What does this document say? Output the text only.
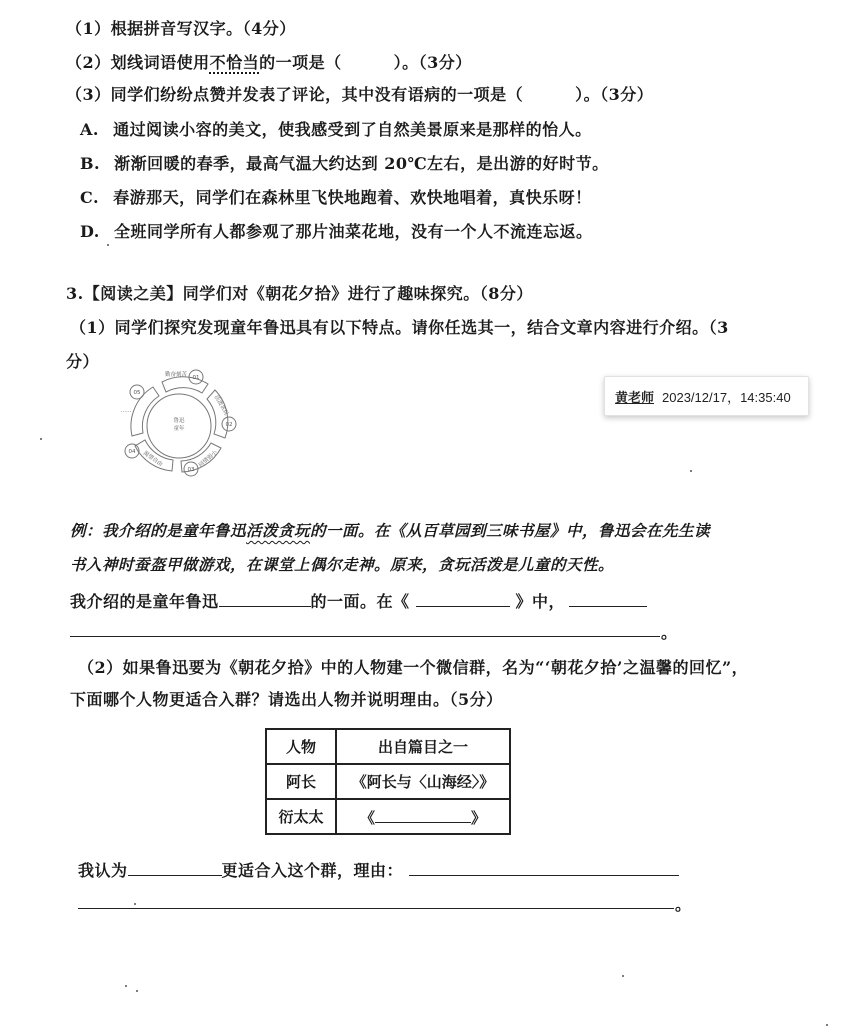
（1）根据拼音写汉字。（4分）
（2）划线词语使用不恰当的一项是（	）。（3分）
（3）同学们纷纷点赞并发表了评论，其中没有语病的一项是（	）。（3分）
A. 通过阅读小容的美文，使我感受到了自然美景原来是那样的怡人。
B. 渐渐回暖的春季，最高气温大约达到 20℃左右，是出游的好时节。
C. 春游那天，同学们在森林里飞快地跑着、欢快地唱着，真快乐呀！
D. 全班同学所有人都参观了那片油菜花地，没有一个人不流连忘返。
3.【阅读之美】同学们对《朝花夕拾》进行了趣味探究。（8分）
（1）同学们探究发现童年鲁迅具有以下特点。请你任选其一，结合文章内容进行介绍。（3
分）
鲁迅
童年
01
02
03
04
05
勤奋刻苦
活泼贪玩
同情弱小
渴望自由
……
黄老师 2023/12/17，14:35:40
例：我介绍的是童年鲁迅活泼贪玩的一面。在《从百草园到三味书屋》中，鲁迅会在先生读
书入神时蚕盔甲做游戏，在课堂上偶尔走神。原来，贪玩活泼是儿童的天性。
我介绍的是童年鲁迅	的一面。在《	》中，
。
（2）如果鲁迅要为《朝花夕拾》中的人物建一个微信群，名为“‘朝花夕拾’之温馨的回忆”，
下面哪个人物更适合入群？请选出人物并说明理由。（5分）
人物	出自篇目之一
阿长	《阿长与〈山海经〉》
衍太太	《 》
我认为	更适合入这个群，理由：
。
